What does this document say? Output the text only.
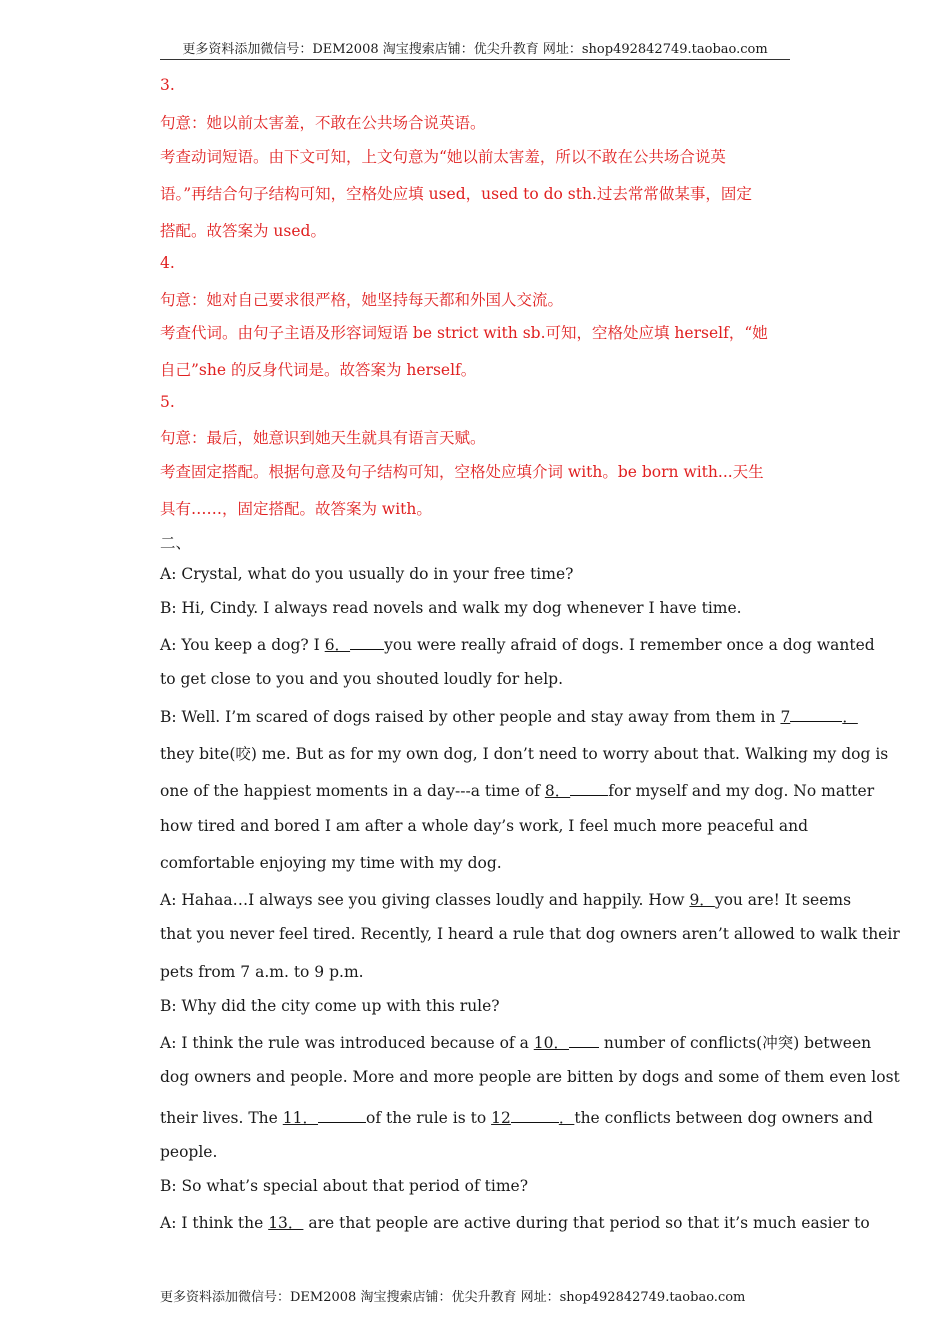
更多资料添加微信号：DEM2008 淘宝搜索店铺：优尖升教育 网址：shop492842749.taobao.com
3.
句意：她以前太害羞，不敢在公共场合说英语。
考查动词短语。由下文可知，上文句意为“她以前太害羞，所以不敢在公共场合说英
语。”再结合句子结构可知，空格处应填 used，used to do sth.过去常常做某事，固定
搭配。故答案为 used。
4.
句意：她对自己要求很严格，她坚持每天都和外国人交流。
考查代词。由句子主语及形容词短语 be strict with sb.可知，空格处应填 herself，“她
自己”she 的反身代词是。故答案为 herself。
5.
句意：最后，她意识到她天生就具有语言天赋。
考查固定搭配。根据句意及句子结构可知，空格处应填介词 with。be born with...天生
具有……，固定搭配。故答案为 with。
二、
A: Crystal, what do you usually do in your free time?
B: Hi, Cindy. I always read novels and walk my dog whenever I have time.
A: You keep a dog? I 6． you were really afraid of dogs. I remember once a dog wanted
to get close to you and you shouted loudly for help.
B: Well. I’m scared of dogs raised by other people and stay away from them in 7	．
they bite(咬) me. But as for my own dog, I don’t need to worry about that. Walking my dog is
one of the happiest moments in a day---a time of 8． for myself and my dog. No matter
how tired and bored I am after a whole day’s work, I feel much more peaceful and
comfortable enjoying my time with my dog.
A: Hahaa…I always see you giving classes loudly and happily. How 9．you are! It seems
that you never feel tired. Recently, I heard a rule that dog owners aren’t allowed to walk their
pets from 7 a.m. to 9 p.m.
B: Why did the city come up with this rule?
A: I think the rule was introduced because of a 10． number of conflicts(冲突) between
dog owners and people. More and more people are bitten by dogs and some of them even lost
their lives. The 11．	of the rule is to 12	．the conflicts between dog owners and
people.
B: So what’s special about that period of time?
A: I think the 13． are that people are active during that period so that it’s much easier to
更多资料添加微信号：DEM2008 淘宝搜索店铺：优尖升教育 网址：shop492842749.taobao.com
